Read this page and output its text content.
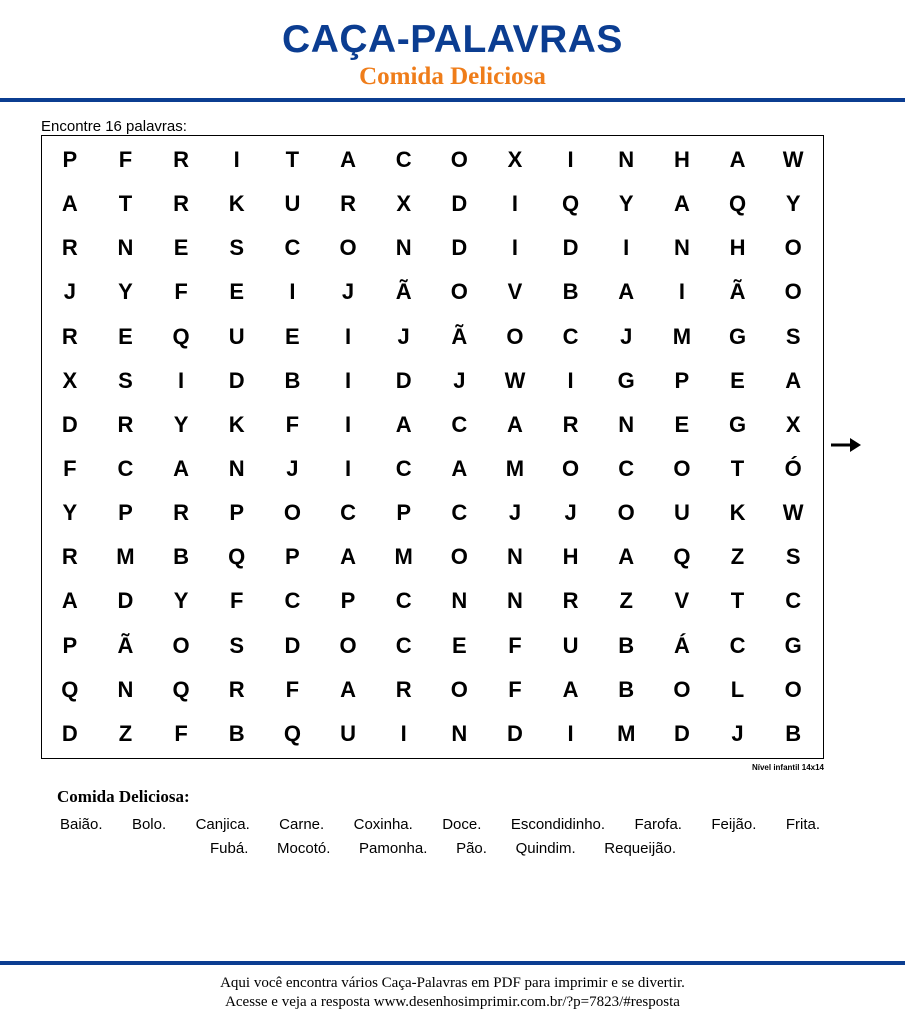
CAÇA-PALAVRAS
Comida Deliciosa
Encontre 16 palavras:
P	F	R	I	T	A	C	O	X	I	N	H	A	W
A	T	R	K	U	R	X	D	I	Q	Y	A	Q	Y
R	N	E	S	C	O	N	D	I	D	I	N	H	O
J	Y	F	E	I	J	Ã	O	V	B	A	I	Ã	O
R	E	Q	U	E	I	J	Ã	O	C	J	M	G	S
X	S	I	D	B	I	D	J	W	I	G	P	E	A
D	R	Y	K	F	I	A	C	A	R	N	E	G	X
F	C	A	N	J	I	C	A	M	O	C	O	T	Ó
Y	P	R	P	O	C	P	C	J	J	O	U	K	W
R	M	B	Q	P	A	M	O	N	H	A	Q	Z	S
A	D	Y	F	C	P	C	N	N	R	Z	V	T	C
P	Ã	O	S	D	O	C	E	F	U	B	Á	C	G
Q	N	Q	R	F	A	R	O	F	A	B	O	L	O
D	Z	F	B	Q	U	I	N	D	I	M	D	J	B
Nível infantil 14x14
Comida Deliciosa:
Baião. Bolo. Canjica. Carne. Coxinha. Doce. Escondidinho. Farofa. Feijão. Frita.
Fubá. Mocotó. Pamonha. Pão. Quindim. Requeijão.
Aqui você encontra vários Caça-Palavras em PDF para imprimir e se divertir.
Acesse e veja a resposta www.desenhosimprimir.com.br/?p=7823/#resposta
